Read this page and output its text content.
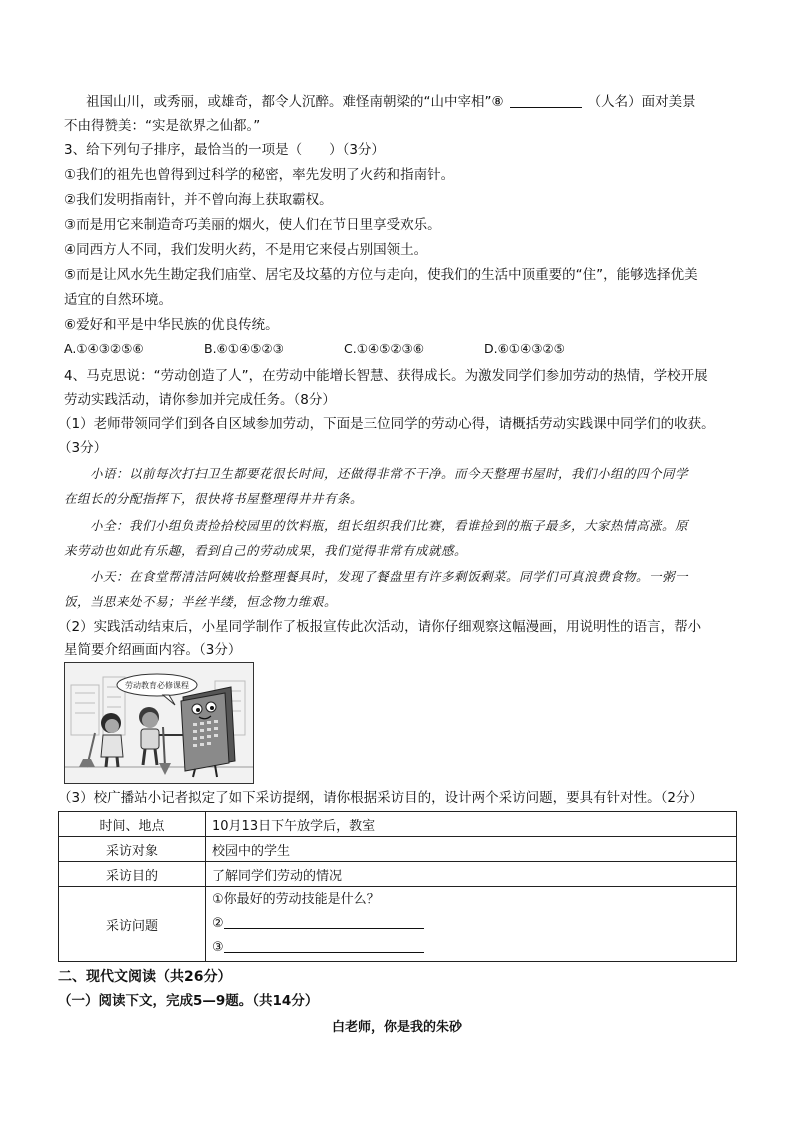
祖国山川，或秀丽，或雄奇，都令人沉醉。难怪南朝梁的“山中宰相”⑧	（人名）面对美景
不由得赞美：“实是欲界之仙都。”
3、给下列句子排序，最恰当的一项是（　　）（3分）
①我们的祖先也曾得到过科学的秘密，率先发明了火药和指南针。
②我们发明指南针，并不曾向海上获取霸权。
③而是用它来制造奇巧美丽的烟火，使人们在节日里享受欢乐。
④同西方人不同，我们发明火药，不是用它来侵占别国领土。
⑤而是让风水先生勘定我们庙堂、居宅及坟墓的方位与走向，使我们的生活中顶重要的“住”，能够选择优美
适宜的自然环境。
⑥爱好和平是中华民族的优良传统。
A.①④③②⑤⑥	B.⑥①④⑤②③	C.①④⑤②③⑥	D.⑥①④③②⑤
4、马克思说：“劳动创造了人”，在劳动中能增长智慧、获得成长。为激发同学们参加劳动的热情，学校开展
劳动实践活动，请你参加并完成任务。（8分）
（1）老师带领同学们到各自区域参加劳动，下面是三位同学的劳动心得，请概括劳动实践课中同学们的收获。
（3分）
小语：以前每次打扫卫生都要花很长时间，还做得非常不干净。而今天整理书屋时，我们小组的四个同学
在组长的分配指挥下，很快将书屋整理得井井有条。
小全：我们小组负责捡拾校园里的饮料瓶，组长组织我们比赛，看谁捡到的瓶子最多，大家热情高涨。原
来劳动也如此有乐趣，看到自己的劳动成果，我们觉得非常有成就感。
小天：在食堂帮清洁阿姨收拾整理餐具时，发现了餐盘里有许多剩饭剩菜。同学们可真浪费食物。一粥一
饭，当思来处不易；半丝半缕，恒念物力维艰。
（2）实践活动结束后，小星同学制作了板报宣传此次活动，请你仔细观察这幅漫画，用说明性的语言，帮小
星简要介绍画面内容。（3分）
劳动教育必修课程
（3）校广播站小记者拟定了如下采访提纲，请你根据采访目的，设计两个采访问题，要具有针对性。（2分）
时间、地点	10月13日下午放学后，教室
采访对象	校园中的学生
采访目的	了解同学们劳动的情况
采访问题	①你最好的劳动技能是什么？
②
③
二、现代文阅读（共26分）
（一）阅读下文，完成5—9题。（共14分）
白老师，你是我的朱砂
